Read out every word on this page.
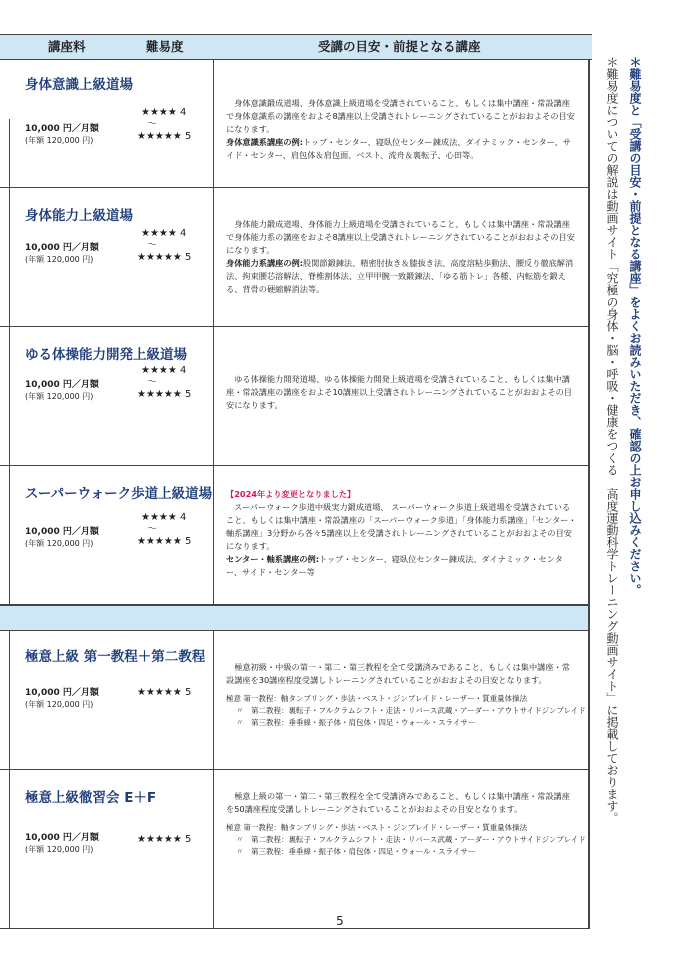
講座料	難易度	受講の目安・前提となる講座
身体意識上級道場
10,000 円／月額
(年額 120,000 円)
★★★★ 4
〜
★★★★★ 5

　身体意識鍛成道場、身体意識上級道場を受講されていること、もしくは集中講座・常設講座で身体意識系の講座をおよそ8講座以上受講されトレーニングされていることがおおよその目安になります。

身体意識系講座の例:トップ・センター、寝臥位センター錬成法、ダイナミック・センター、サイド・センター、肩包体＆肩包面、ベスト、流舟＆裏転子、心田等。

身体能力上級道場
10,000 円／月額
(年額 120,000 円)
★★★★ 4
〜
★★★★★ 5

　身体能力鍛成道場、身体能力上級道場を受講されていること、もしくは集中講座・常設講座で身体能力系の講座をおよそ8講座以上受講されトレーニングされていることがおおよその目安になります。

身体能力系講座の例:股関節鍛錬法、精密肘抜き＆膝抜き法、高度溶粘歩動法、腰反り徹底解消法、拘束腰芯溶解法、脊椎割体法、立甲甲腕一致鍛錬法、「ゆる筋トレ」各種、内転筋を鍛える、背骨の硬縮解消法等。

ゆる体操能力開発上級道場
10,000 円／月額
(年額 120,000 円)
★★★★ 4
〜
★★★★★ 5

　ゆる体操能力開発道場、ゆる体操能力開発上級道場を受講されていること、もしくは集中講座・常設講座の講座をおよそ10講座以上受講されトレーニングされていることがおおよその目安になります。

スーパーウォーク歩道上級道場
10,000 円／月額
(年額 120,000 円)
★★★★ 4
〜
★★★★★ 5

【2024年より変更となりました】

　スーパーウォーク歩道中級実力鍛成道場、 スーパーウォーク歩道上級道場を受講されていること、もしくは集中講座・常設講座の「スーパーウォーク歩道」「身体能力系講座」「センター・軸系講座」3分野から各々5講座以上を受講されトレーニングされていることがおおよその目安になります。

センター・軸系講座の例:トップ・センター、寝臥位センター錬成法、ダイナミック・センター、サイド・センター等

極意上級 第一教程＋第二教程
10,000 円／月額
(年額 120,000 円)
★★★★★ 5

　極意初級・中級の第一・第二・第三教程を全て受講済みであること、もしくは集中講座・常設講座を30講座程度受講しトレーニングされていることがおおよその目安となります。

極意 第一教程：軸タンブリング・歩法・ベスト・ジンブレイド・レーザー・質重量体操法
〃　第二教程：裏転子・フルクラムシフト・走法・リバース武蔵・アーダー・アウトサイドジンブレイド
〃　第三教程：垂垂線・振子体・肩包体・四足・ウォール・スライサー
極意上級徹習会 E＋F
10,000 円／月額
(年額 120,000 円)
★★★★★ 5

　極意上級の第一・第二・第三教程を全て受講済みであること、もしくは集中講座・常設講座を50講座程度受講しトレーニングされていることがおおよその目安となります。

極意 第一教程：軸タンブリング・歩法・ベスト・ジンブレイド・レーザー・質重量体操法
〃　第二教程：裏転子・フルクラムシフト・走法・リバース武蔵・アーダー・アウトサイドジンブレイド
〃　第三教程：垂垂線・振子体・肩包体・四足・ウォール・スライサー
＊難易度と「受講の目安・前提となる講座」をよくお読みいただき、確認の上お申し込みください。
＊難易度についての解説は動画サイト「究極の身体・脳・呼吸・健康をつくる　高度運動科学トレーニング動画サイト」に掲載しております。
5
